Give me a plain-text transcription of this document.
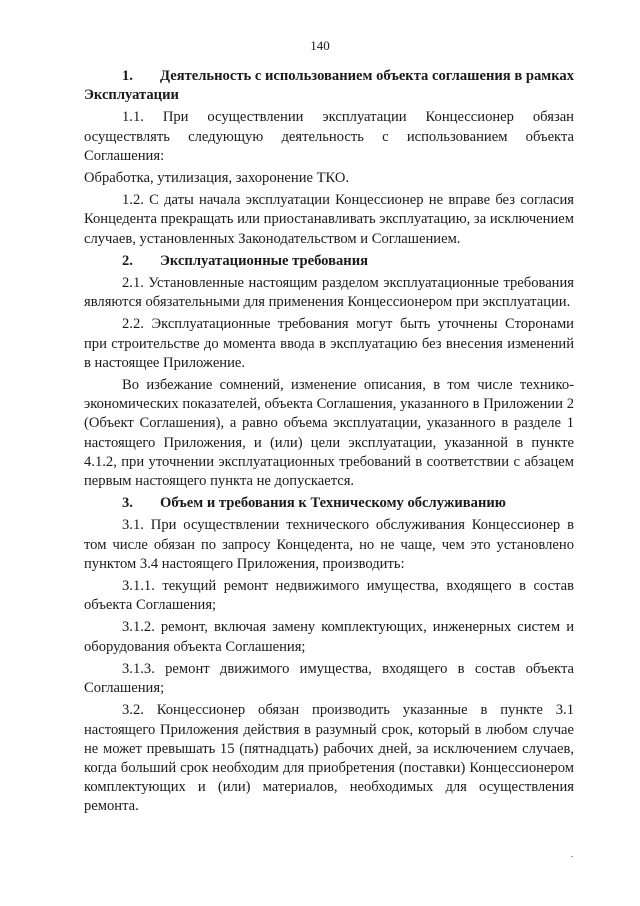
140

1. Деятельность с использованием объекта соглашения в рамках Эксплуатации

1.1. При осуществлении эксплуатации Концессионер обязан осуществлять следующую деятельность с использованием объекта Соглашения:

Обработка, утилизация, захоронение ТКО.

1.2. С даты начала эксплуатации Концессионер не вправе без согласия Концедента прекращать или приостанавливать эксплуатацию, за исключением случаев, установленных Законодательством и Соглашением.

2. Эксплуатационные требования

2.1. Установленные настоящим разделом эксплуатационные требования являются обязательными для применения Концессионером при эксплуатации.

2.2. Эксплуатационные требования могут быть уточнены Сторонами при строительстве до момента ввода в эксплуатацию без внесения изменений в настоящее Приложение.

Во избежание сомнений, изменение описания, в том числе технико-экономических показателей, объекта Соглашения, указанного в Приложении 2 (Объект Соглашения), а равно объема эксплуатации, указанного в разделе 1 настоящего Приложения, и (или) цели эксплуатации, указанной в пункте 4.1.2, при уточнении эксплуатационных требований в соответствии с абзацем первым настоящего пункта не допускается.

3. Объем и требования к Техническому обслуживанию

3.1. При осуществлении технического обслуживания Концессионер в том числе обязан по запросу Концедента, но не чаще, чем это установлено пунктом 3.4 настоящего Приложения, производить:

3.1.1. текущий ремонт недвижимого имущества, входящего в состав объекта Соглашения;

3.1.2. ремонт, включая замену комплектующих, инженерных систем и оборудования объекта Соглашения;

3.1.3. ремонт движимого имущества, входящего в состав объекта Соглашения;

3.2. Концессионер обязан производить указанные в пункте 3.1 настоящего Приложения действия в разумный срок, который в любом случае не может превышать 15 (пятнадцать) рабочих дней, за исключением случаев, когда больший срок необходим для приобретения (поставки) Концессионером комплектующих и (или) материалов, необходимых для осуществления ремонта.
